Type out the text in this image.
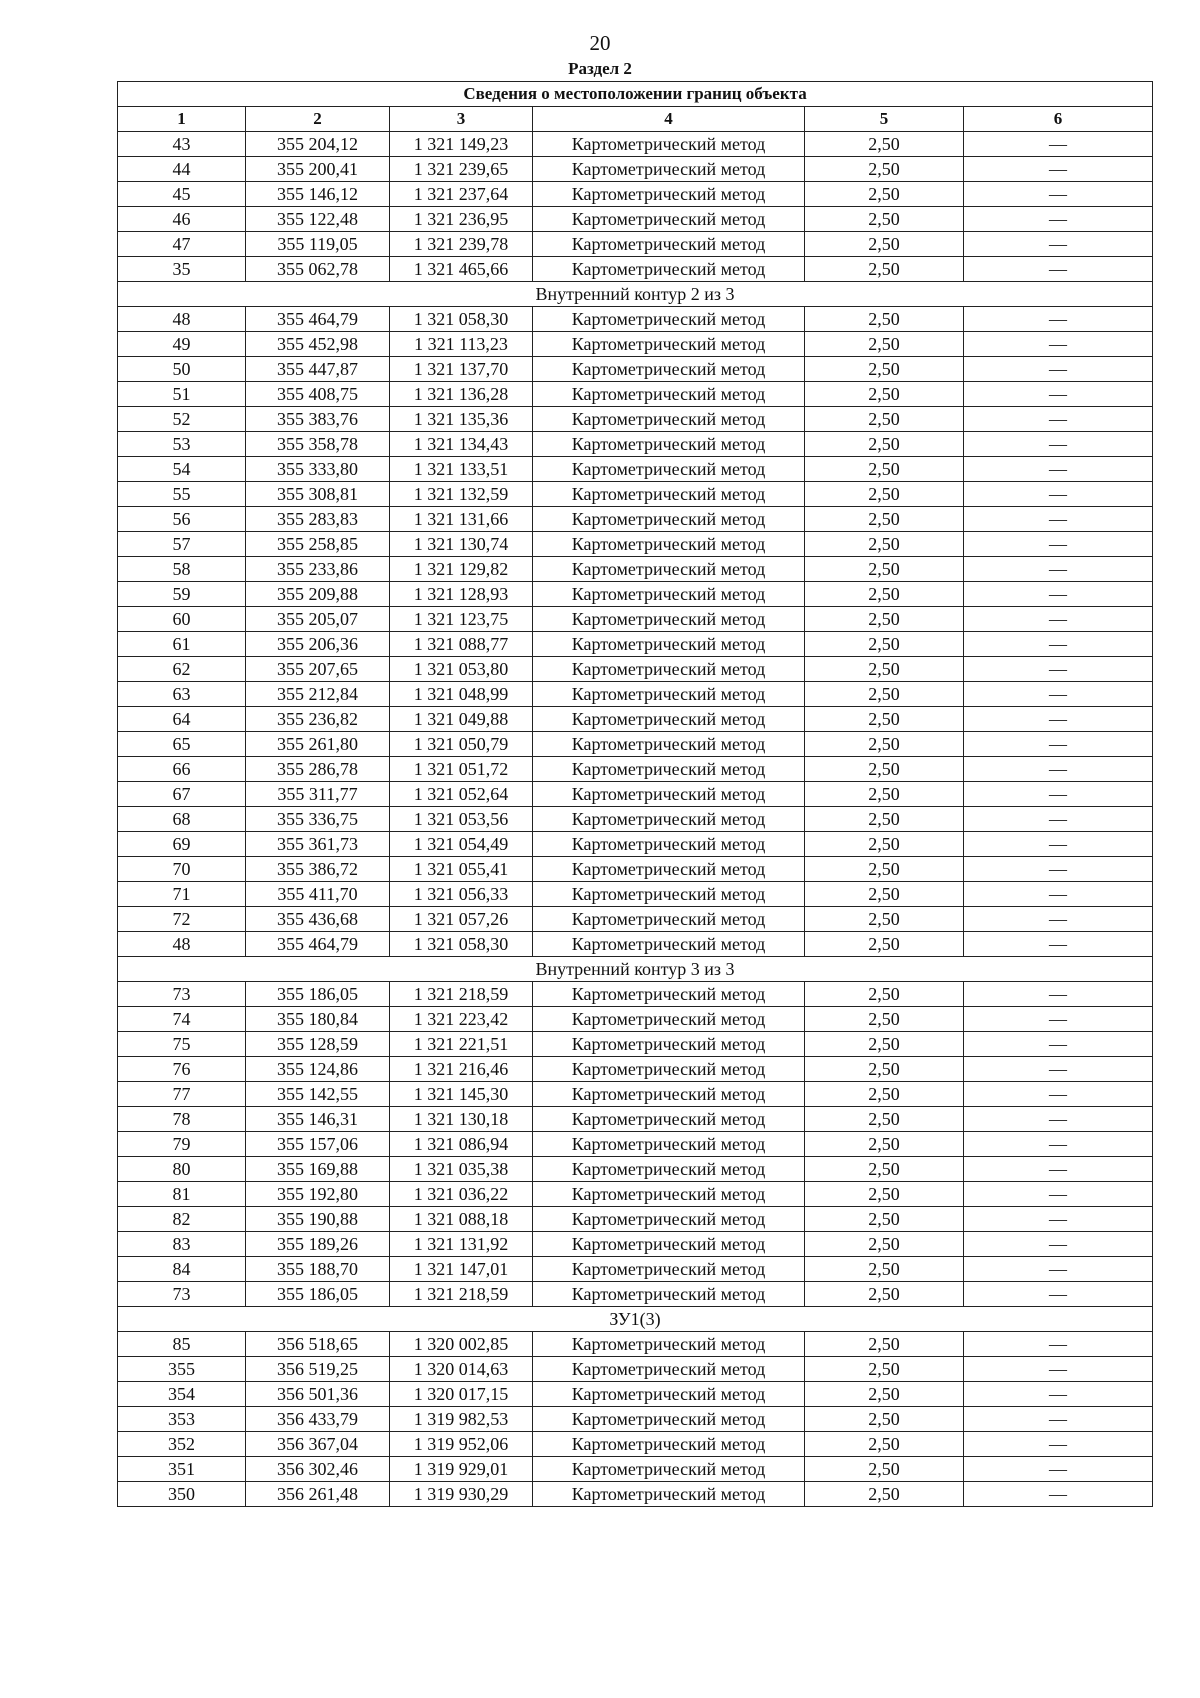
20
Раздел 2
Сведения о местоположении границ объекта					
1	2	3	4	5	6
43	355 204,12	1 321 149,23	Картометрический метод	2,50	—
44	355 200,41	1 321 239,65	Картометрический метод	2,50	—
45	355 146,12	1 321 237,64	Картометрический метод	2,50	—
46	355 122,48	1 321 236,95	Картометрический метод	2,50	—
47	355 119,05	1 321 239,78	Картометрический метод	2,50	—
35	355 062,78	1 321 465,66	Картометрический метод	2,50	—
Внутренний контур 2 из 3					
48	355 464,79	1 321 058,30	Картометрический метод	2,50	—
49	355 452,98	1 321 113,23	Картометрический метод	2,50	—
50	355 447,87	1 321 137,70	Картометрический метод	2,50	—
51	355 408,75	1 321 136,28	Картометрический метод	2,50	—
52	355 383,76	1 321 135,36	Картометрический метод	2,50	—
53	355 358,78	1 321 134,43	Картометрический метод	2,50	—
54	355 333,80	1 321 133,51	Картометрический метод	2,50	—
55	355 308,81	1 321 132,59	Картометрический метод	2,50	—
56	355 283,83	1 321 131,66	Картометрический метод	2,50	—
57	355 258,85	1 321 130,74	Картометрический метод	2,50	—
58	355 233,86	1 321 129,82	Картометрический метод	2,50	—
59	355 209,88	1 321 128,93	Картометрический метод	2,50	—
60	355 205,07	1 321 123,75	Картометрический метод	2,50	—
61	355 206,36	1 321 088,77	Картометрический метод	2,50	—
62	355 207,65	1 321 053,80	Картометрический метод	2,50	—
63	355 212,84	1 321 048,99	Картометрический метод	2,50	—
64	355 236,82	1 321 049,88	Картометрический метод	2,50	—
65	355 261,80	1 321 050,79	Картометрический метод	2,50	—
66	355 286,78	1 321 051,72	Картометрический метод	2,50	—
67	355 311,77	1 321 052,64	Картометрический метод	2,50	—
68	355 336,75	1 321 053,56	Картометрический метод	2,50	—
69	355 361,73	1 321 054,49	Картометрический метод	2,50	—
70	355 386,72	1 321 055,41	Картометрический метод	2,50	—
71	355 411,70	1 321 056,33	Картометрический метод	2,50	—
72	355 436,68	1 321 057,26	Картометрический метод	2,50	—
48	355 464,79	1 321 058,30	Картометрический метод	2,50	—
Внутренний контур 3 из 3					
73	355 186,05	1 321 218,59	Картометрический метод	2,50	—
74	355 180,84	1 321 223,42	Картометрический метод	2,50	—
75	355 128,59	1 321 221,51	Картометрический метод	2,50	—
76	355 124,86	1 321 216,46	Картометрический метод	2,50	—
77	355 142,55	1 321 145,30	Картометрический метод	2,50	—
78	355 146,31	1 321 130,18	Картометрический метод	2,50	—
79	355 157,06	1 321 086,94	Картометрический метод	2,50	—
80	355 169,88	1 321 035,38	Картометрический метод	2,50	—
81	355 192,80	1 321 036,22	Картометрический метод	2,50	—
82	355 190,88	1 321 088,18	Картометрический метод	2,50	—
83	355 189,26	1 321 131,92	Картометрический метод	2,50	—
84	355 188,70	1 321 147,01	Картометрический метод	2,50	—
73	355 186,05	1 321 218,59	Картометрический метод	2,50	—
ЗУ1(3)					
85	356 518,65	1 320 002,85	Картометрический метод	2,50	—
355	356 519,25	1 320 014,63	Картометрический метод	2,50	—
354	356 501,36	1 320 017,15	Картометрический метод	2,50	—
353	356 433,79	1 319 982,53	Картометрический метод	2,50	—
352	356 367,04	1 319 952,06	Картометрический метод	2,50	—
351	356 302,46	1 319 929,01	Картометрический метод	2,50	—
350	356 261,48	1 319 930,29	Картометрический метод	2,50	—
